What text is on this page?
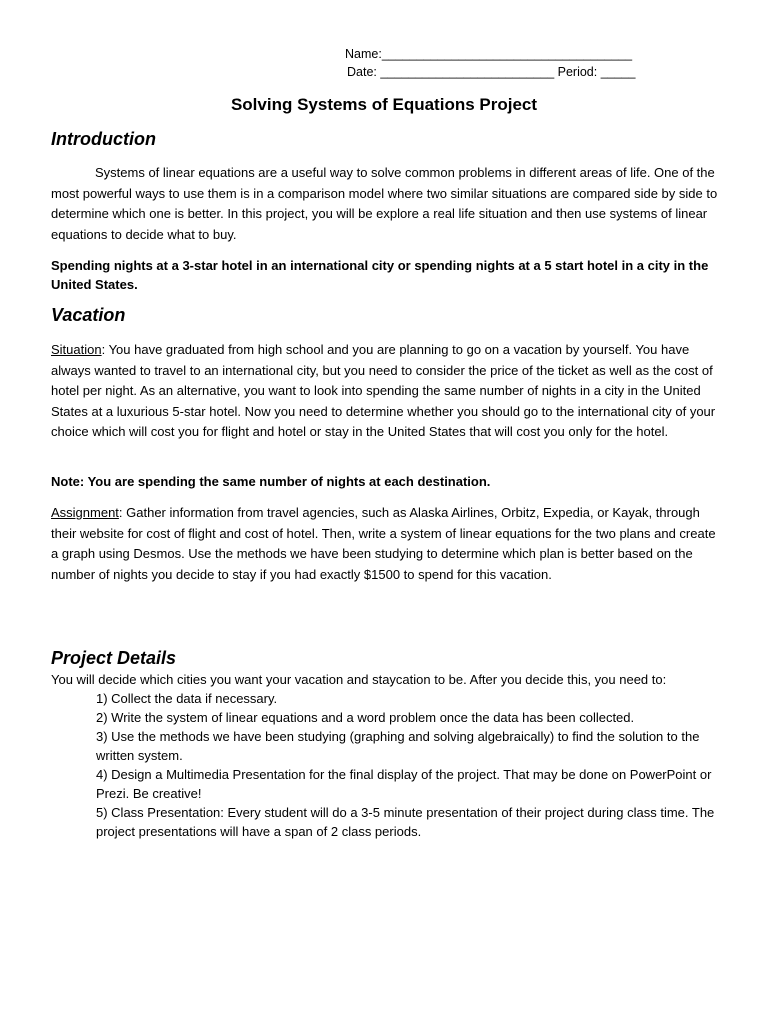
Name:____________________________________
Date: _________________________ Period: _____
Solving Systems of Equations Project
Introduction

Systems of linear equations are a useful way to solve common problems in different areas of life. One of the most powerful ways to use them is in a comparison model where two similar situations are compared side by side to determine which one is better. In this project, you will be explore a real life situation and then use systems of linear equations to decide what to buy.

Spending nights at a 3-star hotel in an international city or spending nights at a 5 start hotel in a city in the United States.

Vacation

Situation: You have graduated from high school and you are planning to go on a vacation by yourself. You have always wanted to travel to an international city, but you need to consider the price of the ticket as well as the cost of hotel per night. As an alternative, you want to look into spending the same number of nights in a city in the United States at a luxurious 5-star hotel. Now you need to determine whether you should go to the international city of your choice which will cost you for flight and hotel or stay in the United States that will cost you only for the hotel.

Note: You are spending the same number of nights at each destination.

Assignment: Gather information from travel agencies, such as Alaska Airlines, Orbitz, Expedia, or Kayak, through their website for cost of flight and cost of hotel. Then, write a system of linear equations for the two plans and create a graph using Desmos. Use the methods we have been studying to determine which plan is better based on the number of nights you decide to stay if you had exactly $1500 to spend for this vacation.

Project Details

You will decide which cities you want your vacation and staycation to be. After you decide this, you need to:

1) Collect the data if necessary.
2) Write the system of linear equations and a word problem once the data has been collected.
3) Use the methods we have been studying (graphing and solving algebraically) to find the solution to the written system.
4) Design a Multimedia Presentation for the final display of the project. That may be done on PowerPoint or Prezi. Be creative!
5) Class Presentation: Every student will do a 3-5 minute presentation of their project during class time. The project presentations will have a span of 2 class periods.
